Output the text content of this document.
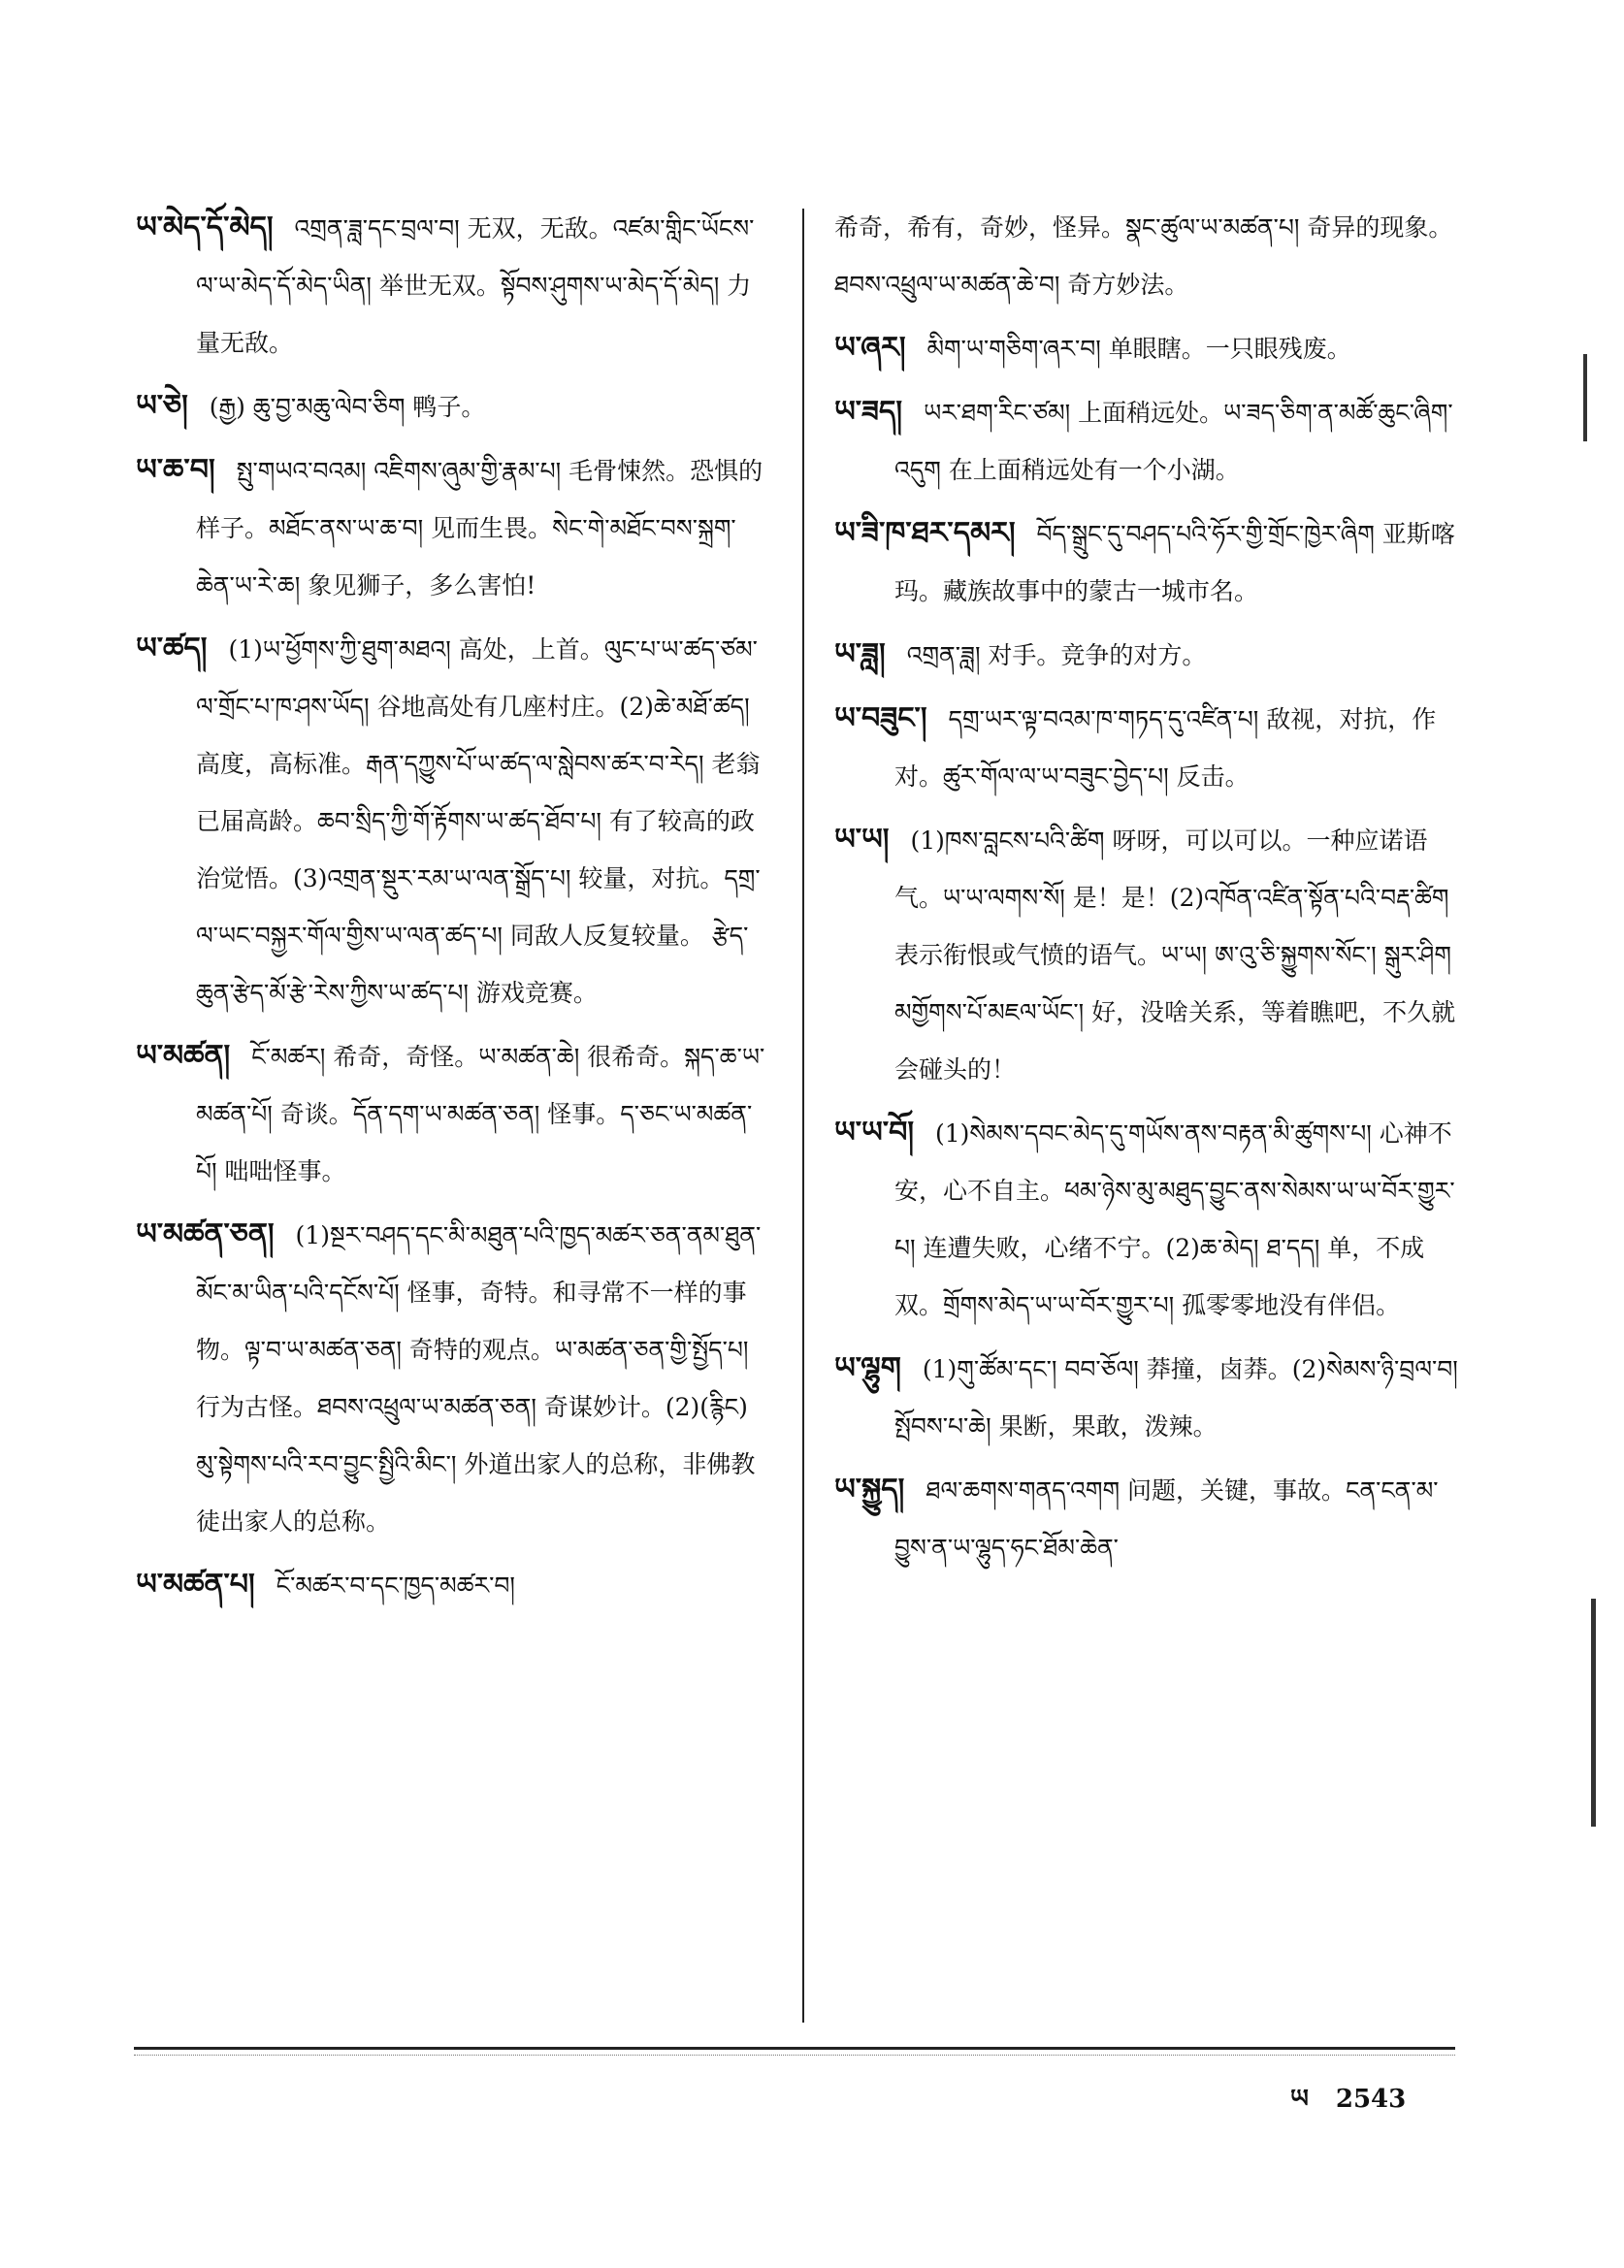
ཡ་མེད་དོ་མེད། འགྲན་ཟླ་དང་བྲལ་བ། 无双，无敌。འཛམ་གླིང་ཡོངས་ལ་ཡ་མེད་དོ་མེད་ཡིན། 举世无双。སྟོབས་ཤུགས་ཡ་མེད་དོ་མེད། 力量无敌。
ཡ་ཅེ། (རྒྱ) ཆུ་བྱ་མཆུ་ལེབ་ཅིག 鸭子。
ཡ་ཆ་བ། སྤུ་གཡའ་བའམ། འཇིགས་ཞུམ་གྱི་རྣམ་པ། 毛骨悚然。恐惧的样子。མཐོང་ནས་ཡ་ཆ་བ། 见而生畏。སེང་གེ་མཐོང་བས་སྐྲག་ཆེན་ཡ་རེ་ཆ། 象见狮子，多么害怕!
ཡ་ཚད། (1)ཡ་ཕྱོགས་ཀྱི་ཐུག་མཐའ། 高处，上首。ལུང་པ་ཡ་ཚད་ཙམ་ལ་གྲོང་པ་ཁ་ཤས་ཡོད། 谷地高处有几座村庄。(2)ཆེ་མཐོ་ཚད། 高度，高标准。རྒན་དཀྱུས་པོ་ཡ་ཚད་ལ་སླེབས་ཚར་བ་རེད། 老翁已届高龄。ཆབ་སྲིད་ཀྱི་གོ་རྟོགས་ཡ་ཚད་ཐོབ་པ། 有了较高的政治觉悟。(3)འགྲན་སྡུར་རམ་ཡ་ལན་སྒྲོད་པ། 较量，对抗。དགྲ་ལ་ཡང་བསྐྱར་གོལ་གྱིས་ཡ་ལན་ཚད་པ། 同敌人反复较量。 རྩེད་ཆུན་རྩེད་མོ་རྩེ་རེས་ཀྱིས་ཡ་ཚད་པ། 游戏竞赛。
ཡ་མཚན། ངོ་མཚར། 希奇，奇怪。ཡ་མཚན་ཆེ། 很希奇。སྐད་ཆ་ཡ་མཚན་པོ། 奇谈。དོན་དག་ཡ་མཚན་ཅན། 怪事。ད་ཅང་ཡ་མཚན་པོ། 咄咄怪事。
ཡ་མཚན་ཅན། (1)སྔར་བཤད་དང་མི་མཐུན་པའི་ཁྱད་མཚར་ཅན་ནམ་ཐུན་མོང་མ་ཡིན་པའི་དངོས་པོ། 怪事，奇特。和寻常不一样的事物。ལྟ་བ་ཡ་མཚན་ཅན། 奇特的观点。ཡ་མཚན་ཅན་གྱི་སྤྱོད་པ། 行为古怪。ཐབས་འཕྲུལ་ཡ་མཚན་ཅན། 奇谋妙计。(2)(རྙིང) མུ་སྟེགས་པའི་རབ་བྱུང་སྤྱིའི་མིང་། 外道出家人的总称，非佛教徒出家人的总称。
ཡ་མཚན་པ། ངོ་མཚར་བ་དང་ཁྱད་མཚར་བ།
希奇，希有，奇妙，怪异。སྣང་ཚུལ་ཡ་མཚན་པ། 奇异的现象。ཐབས་འཕྲུལ་ཡ་མཚན་ཆེ་བ། 奇方妙法。
ཡ་ཞར། མིག་ཡ་གཅིག་ཞར་བ། 单眼瞎。一只眼残废。
ཡ་ཟད། ཡར་ཐག་རིང་ཙམ། 上面稍远处。ཡ་ཟད་ཅིག་ན་མཚོ་ཆུང་ཞིག་འདུག 在上面稍远处有一个小湖。
ཡ་ཟི་ཁ་ཐར་དམར། བོད་སྒྲུང་དུ་བཤད་པའི་ཧོར་གྱི་གྲོང་ཁྱེར་ཞིག 亚斯喀玛。藏族故事中的蒙古一城市名。
ཡ་ཟླ། འགྲན་ཟླ། 对手。竞争的对方。
ཡ་བཟུང་། དགྲ་ཡར་ལྟ་བའམ་ཁ་གཏད་དུ་འཛིན་པ། 敌视，对抗，作对。ཚུར་གོལ་ལ་ཡ་བཟུང་བྱེད་པ། 反击。
ཡ་ཡ། (1)ཁས་བླངས་པའི་ཚིག 呀呀，可以可以。一种应诺语气。ཡ་ཡ་ལགས་སོ། 是！是！(2)འཁོན་འཛིན་སྟོན་པའི་བརྡ་ཚིག 表示衔恨或气愤的语气。ཡ་ཡ། ཨ་འུ་ཅི་སྐྱུགས་སོང་། སྒུར་ཤིག མགྱོགས་པོ་མཇལ་ཡོང་། 好，没啥关系，等着瞧吧，不久就会碰头的！
ཡ་ཡ་བོ། (1)སེམས་དབང་མེད་དུ་གཡོས་ནས་བརྟན་མི་ཚུགས་པ། 心神不安，心不自主。ཕམ་ཉེས་མུ་མཐུད་བྱུང་ནས་སེམས་ཡ་ཡ་བོར་གྱུར་པ། 连遭失败，心绪不宁。(2)ཆ་མེད། ཐ་དད། 单，不成双。གྲོགས་མེད་ཡ་ཡ་བོར་གྱུར་པ། 孤零零地没有伴侣。
ཡ་ལྷུག (1)གུ་ཚོམ་དང་། བབ་ཅོལ། 莽撞，卤莽。(2)སེམས་ཉི་བྲལ་བ། སྤོབས་པ་ཆེ། 果断，果敢，泼辣。
ཡ་སྐྱུད། ཐལ་ཆགས་གནད་འགག 问题，关键，事故。ངན་ངན་མ་བྱུས་ན་ཡ་ལྷུད་ཧང་ཐོམ་ཆེན་
ཡ 2543
